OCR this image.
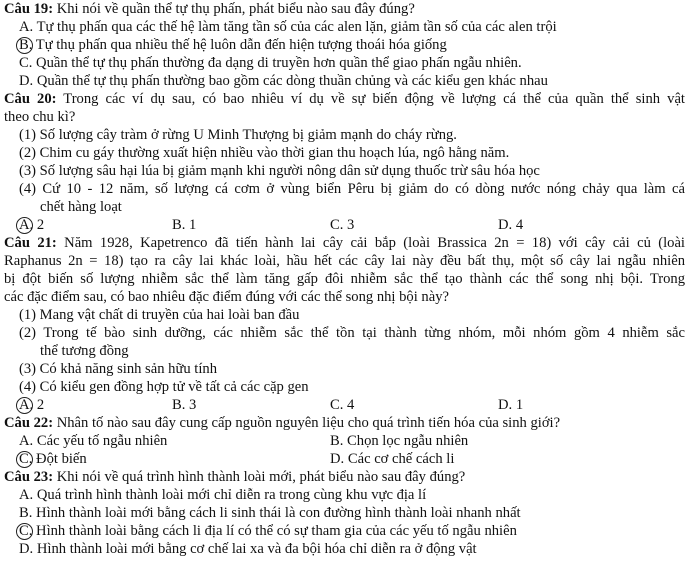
Câu 19: Khi nói về quần thể tự thụ phấn, phát biểu nào sau đây đúng?
A. Tự thụ phấn qua các thế hệ làm tăng tần số của các alen lặn, giảm tần số của các alen trội
B. Tự thụ phấn qua nhiều thế hệ luôn dẫn đến hiện tượng thoái hóa giống
C. Quần thể tự thụ phấn thường đa dạng di truyền hơn quần thể giao phấn ngẫu nhiên.
D. Quần thể tự thụ phấn thường bao gồm các dòng thuần chủng và các kiểu gen khác nhau
Câu 20: Trong các ví dụ sau, có bao nhiêu ví dụ về sự biến động về lượng cá thể của quần thể sinh vật
theo chu kì?
(1) Số lượng cây tràm ở rừng U Minh Thượng bị giảm mạnh do cháy rừng.
(2) Chim cu gáy thường xuất hiện nhiều vào thời gian thu hoạch lúa, ngô hằng năm.
(3) Số lượng sâu hại lúa bị giảm mạnh khi người nông dân sử dụng thuốc trừ sâu hóa học
(4) Cứ 10 - 12 năm, số lượng cá cơm ở vùng biển Pêru bị giảm do có dòng nước nóng chảy qua làm cá
chết hàng loạt
A. 2	B. 1	C. 3	D. 4
Câu 21: Năm 1928, Kapetrenco đã tiến hành lai cây cải bắp (loài Brassica 2n = 18) với cây cải củ (loài
Raphanus 2n = 18) tạo ra cây lai khác loài, hầu hết các cây lai này đều bất thụ, một số cây lai ngẫu nhiên
bị đột biến số lượng nhiễm sắc thể làm tăng gấp đôi nhiễm sắc thể tạo thành các thể song nhị bội. Trong
các đặc điểm sau, có bao nhiêu đặc điểm đúng với các thể song nhị bội này?
(1) Mang vật chất di truyền của hai loài ban đầu
(2) Trong tế bào sinh dưỡng, các nhiễm sắc thể tồn tại thành từng nhóm, mỗi nhóm gồm 4 nhiễm sắc
thể tương đồng
(3) Có khả năng sinh sản hữu tính
(4) Có kiểu gen đồng hợp tử về tất cả các cặp gen
A. 2	B. 3	C. 4	D. 1
Câu 22: Nhân tố nào sau đây cung cấp nguồn nguyên liệu cho quá trình tiến hóa của sinh giới?
A. Các yếu tố ngẫu nhiên	B. Chọn lọc ngẫu nhiên
C. Đột biến	D. Các cơ chế cách li
Câu 23: Khi nói về quá trình hình thành loài mới, phát biểu nào sau đây đúng?
A. Quá trình hình thành loài mới chỉ diễn ra trong cùng khu vực địa lí
B. Hình thành loài mới bằng cách li sinh thái là con đường hình thành loài nhanh nhất
C. Hình thành loài bằng cách li địa lí có thể có sự tham gia của các yếu tố ngẫu nhiên
D. Hình thành loài mới bằng cơ chế lai xa và đa bội hóa chỉ diễn ra ở động vật
